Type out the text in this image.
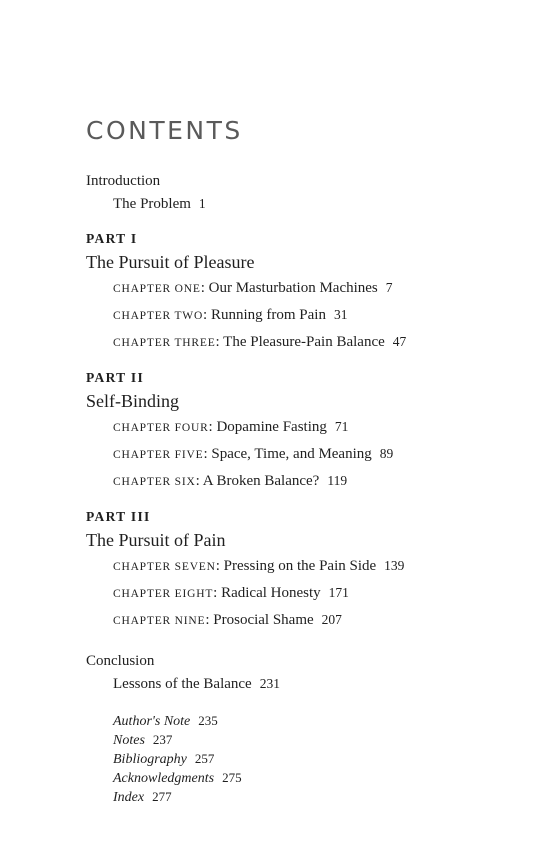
CONTENTS
Introduction
The Problem 1
PART I
The Pursuit of Pleasure
CHAPTER ONE: Our Masturbation Machines 7
CHAPTER TWO: Running from Pain 31
CHAPTER THREE: The Pleasure-Pain Balance 47
PART II
Self-Binding
CHAPTER FOUR: Dopamine Fasting 71
CHAPTER FIVE: Space, Time, and Meaning 89
CHAPTER SIX: A Broken Balance? 119
PART III
The Pursuit of Pain
CHAPTER SEVEN: Pressing on the Pain Side 139
CHAPTER EIGHT: Radical Honesty 171
CHAPTER NINE: Prosocial Shame 207
Conclusion
Lessons of the Balance 231
Author's Note 235
Notes 237
Bibliography 257
Acknowledgments 275
Index 277
